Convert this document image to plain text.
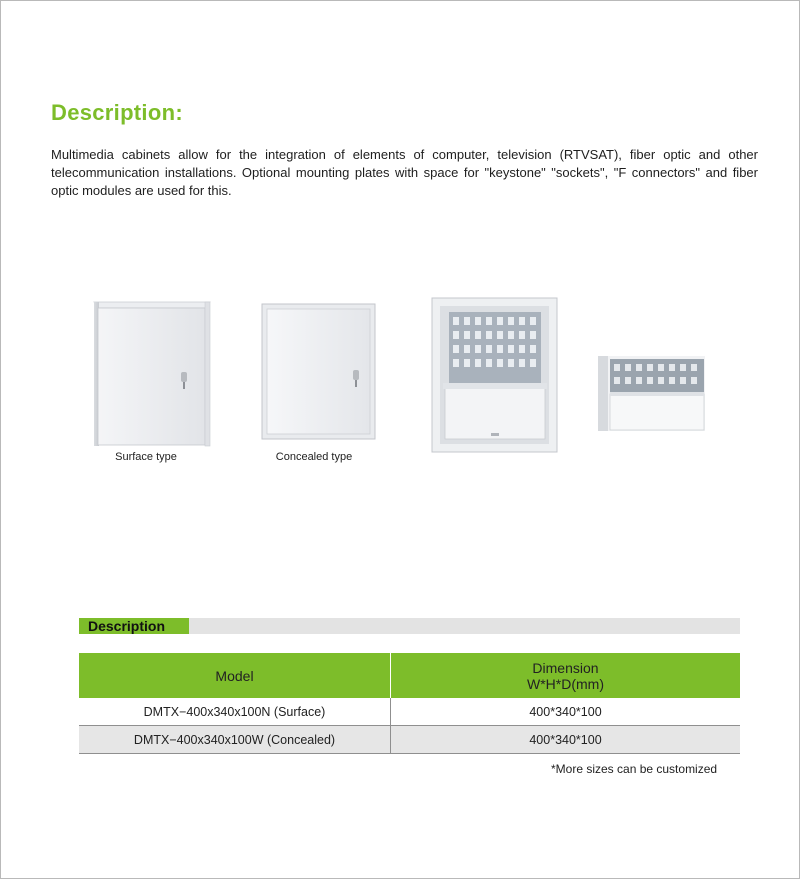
Description:

Multimedia cabinets allow for the integration of elements of computer, television (RTVSAT), fiber optic and other telecommunication installations. Optional mounting plates with space for "keystone" "sockets", "F connectors" and fiber optic modules are used for this.

Surface type	Concealed type
Description
Model	Dimension
W*H*D(mm)

DMTX−400x340x100N (Surface)	400*340*100
DMTX−400x340x100W (Concealed)	400*340*100
*More sizes can be customized
